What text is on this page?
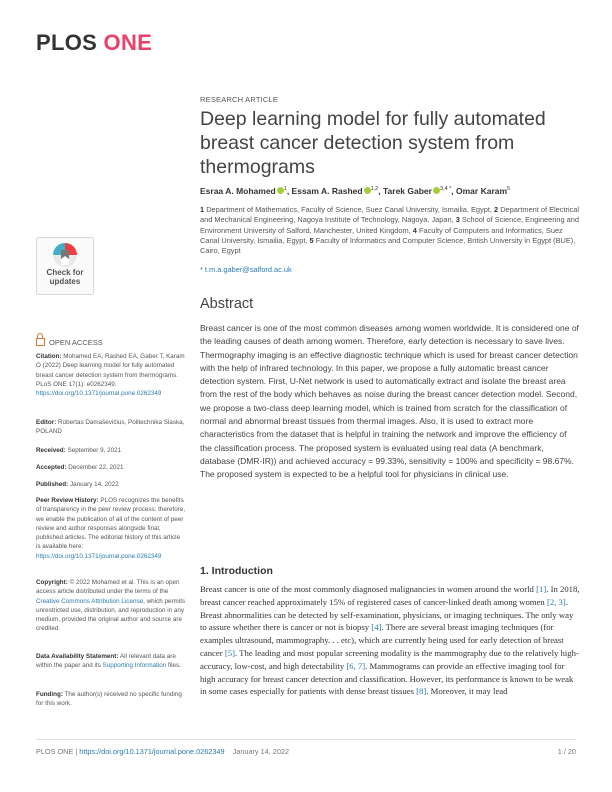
PLOS ONE
RESEARCH ARTICLE
Deep learning model for fully automated breast cancer detection system from thermograms
Esraa A. Mohamed $^1$, Essam A. Rashed $^{1,2}$, Tarek Gaber $^{3,4 *}$, Omar Karam$^5$

1 Department of Mathematics, Faculty of Science, Suez Canal University, Ismailia, Egypt, 2 Department of Electrical and Mechanical Engineering, Nagoya Institute of Technology, Nagoya, Japan, 3 School of Science, Engineering and Environment University of Salford, Manchester, United Kingdom, 4 Faculty of Computers and Informatics, Suez Canal University, Ismailia, Egypt, 5 Faculty of Informatics and Computer Science, British University in Egypt (BUE), Cairo, Egypt

* t.m.a.gaber@salford.ac.uk
Check for
updates
OPEN ACCESS

Citation: Mohamed EA, Rashed EA, Gaber T, Karam O (2022) Deep learning model for fully automated breast cancer detection system from thermograms. PLoS ONE 17(1): e0262349. https://doi.org/10.1371/journal.pone.0262349

Editor: Robertas Damaševičius, Politechnika Slaska, POLAND

Received: September 9, 2021

Accepted: December 22, 2021

Published: January 14, 2022

Peer Review History: PLOS recognizes the benefits of transparency in the peer review process; therefore, we enable the publication of all of the content of peer review and author responses alongside final, published articles. The editorial history of this article is available here: https://doi.org/10.1371/journal.pone.0262349

Copyright: © 2022 Mohamed et al. This is an open access article distributed under the terms of the Creative Commons Attribution License, which permits unrestricted use, distribution, and reproduction in any medium, provided the original author and source are credited.

Data Availability Statement: All relevant data are within the paper and its Supporting Information files.

Funding: The author(s) received no specific funding for this work.

Abstract

Breast cancer is one of the most common diseases among women worldwide. It is considered one of the leading causes of death among women. Therefore, early detection is necessary to save lives. Thermography imaging is an effective diagnostic technique which is used for breast cancer detection with the help of infrared technology. In this paper, we propose a fully automatic breast cancer detection system. First, U-Net network is used to automatically extract and isolate the breast area from the rest of the body which behaves as noise during the breast cancer detection model. Second, we propose a two-class deep learning model, which is trained from scratch for the classification of normal and abnormal breast tissues from thermal images. Also, it is used to extract more characteristics from the dataset that is helpful in training the network and improve the efficiency of the classification process. The proposed system is evaluated using real data (A benchmark, database (DMR-IR)) and achieved accuracy = 99.33%, sensitivity = 100% and specificity = 98.67%. The proposed system is expected to be a helpful tool for physicians in clinical use.

1. Introduction

Breast cancer is one of the most commonly diagnosed malignancies in women around the world [1]. In 2018, breast cancer reached approximately 15% of registered cases of cancer-linked death among women [2, 3]. Breast abnormalities can be detected by self-examination, physicians, or imaging techniques. The only way to assure whether there is cancer or not is biopsy [4]. There are several breast imaging techniques (for examples ultrasound, mammography. . . etc), which are currently being used for early detection of breast cancer [5]. The leading and most popular screening modality is the mammography due to the relatively high-accuracy, low-cost, and high detectability [6, 7]. Mammograms can provide an effective imaging tool for high accuracy for breast cancer detection and classification. However, its performance is known to be weak in some cases especially for patients with dense breast tissues [8]. Moreover, it may lead

PLOS ONE | https://doi.org/10.1371/journal.pone.0262349 January 14, 2022	1 / 20
